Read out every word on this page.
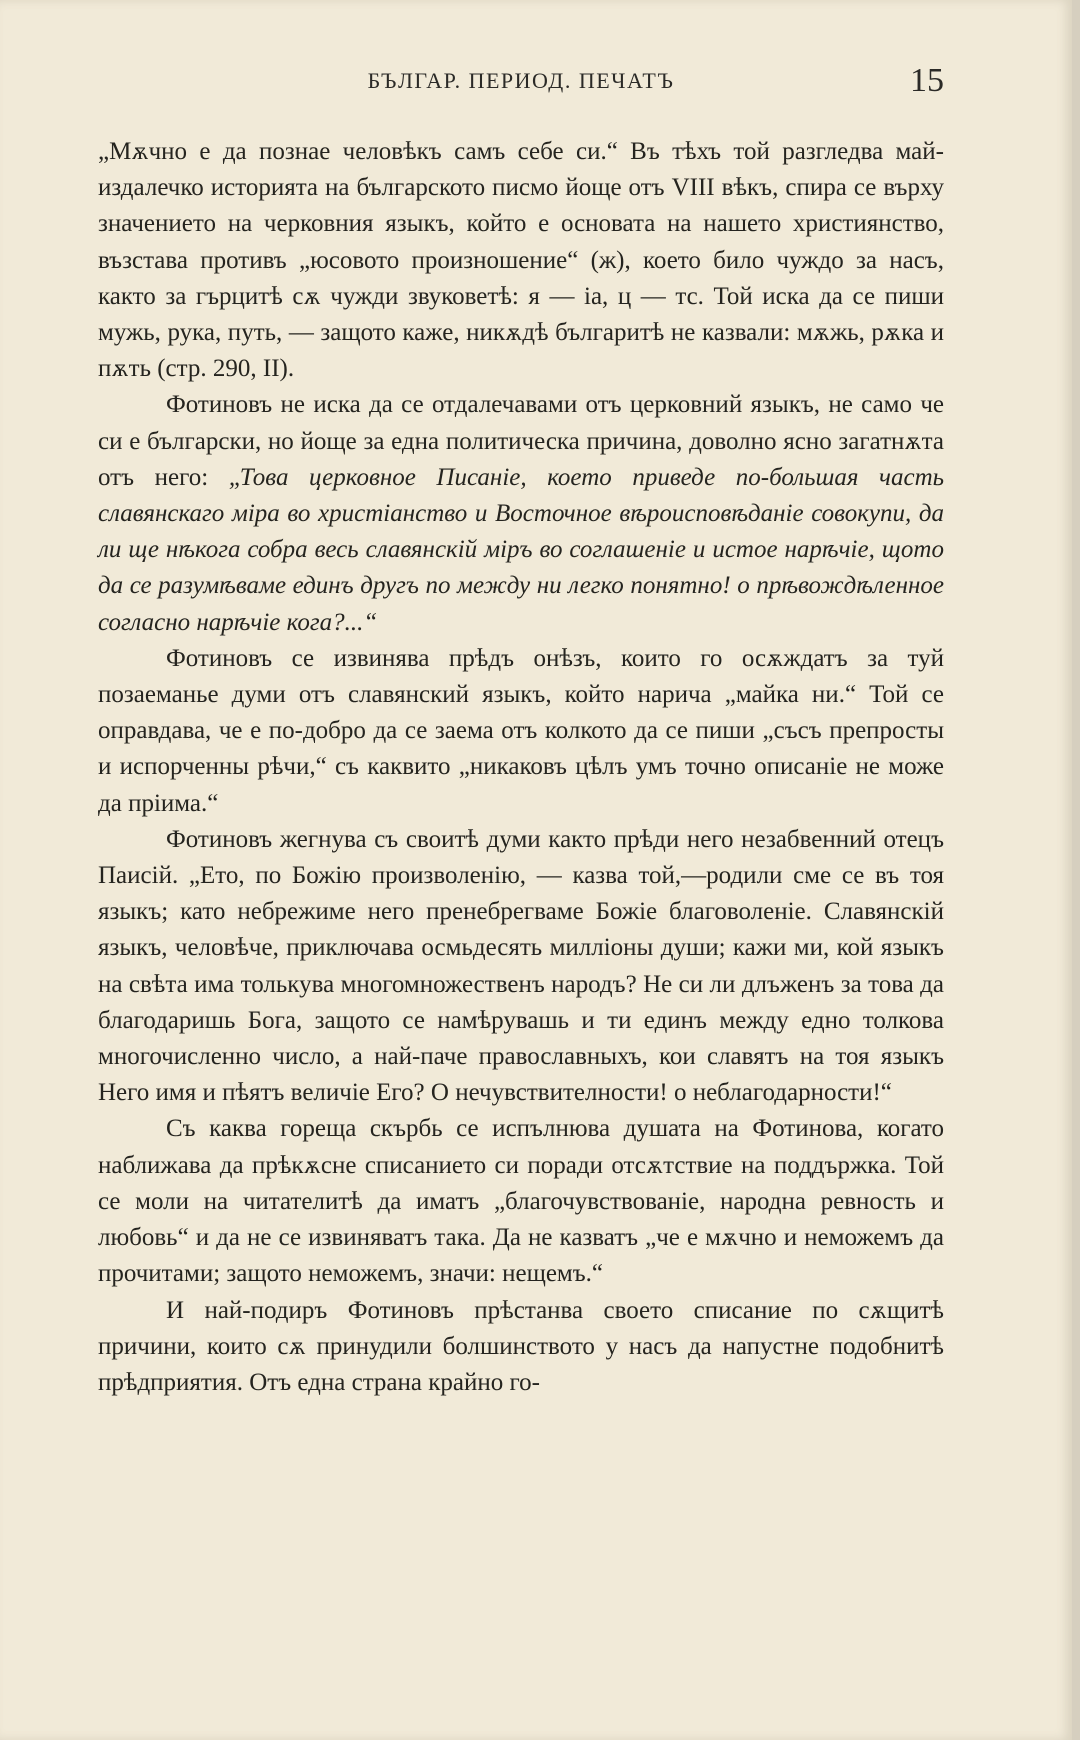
БЪЛГАР. ПЕРИОД. ПЕЧАТЪ	15

„Мѫчно е да познае человѣкъ самъ себе си.“ Въ тѣхъ той разгледва май-издалечко историята на българското писмо йоще отъ VIII вѣкъ, спира се върху значението на черковния языкъ, който е основата на нашето християнство, възстава противъ „юсовото произношение“ (ж), което било чуждо за насъ, както за гърцитѣ сѫ чужди звуковетѣ: я — іа, ц — тс. Той иска да се пиши мужь, рука, путь, — защото каже, никѫдѣ българитѣ не казвали: мѫжь, рѫка и пѫть (стр. 290, II).

Фотиновъ не иска да се отдалечавами отъ церковний языкъ, не само че си е български, но йоще за една политическа причина, доволно ясно загатнѫта отъ него: „Това церковное Писаніе, което приведе по-большая часть славянскаго міра во христіанство и Восточное вѣроисповѣданіе совокупи, да ли ще нѣкога собра весь славянскій міръ во соглашеніе и истое нарѣчіе, щото да се разумѣваме единъ другъ по между ни легко понятно! о прѣвождѣленное согласно нарѣчіе кога?...“

Фотиновъ се извинява прѣдъ онѣзъ, които го осѫждатъ за туй позаеманье думи отъ славянский языкъ, който нарича „майка ни.“ Той се оправдава, че е по-добро да се заема отъ колкото да се пиши „съсъ препросты и испорченны рѣчи,“ съ каквито „никаковъ цѣлъ умъ точно описаніе не може да пріима.“

Фотиновъ жегнува съ своитѣ думи както прѣди него незабвенний отецъ Паисій. „Ето, по Божію произволенію, — казва той,—родили сме се въ тоя языкъ; като небрежиме него пренебрегваме Божіе благоволеніе. Славянскій языкъ, человѣче, приключава осмьдесять милліоны души; кажи ми, кой языкъ на свѣта има толькува многомножественъ народъ? Не си ли длъженъ за това да благодаришь Бога, защото се намѣрувашь и ти единъ между едно толкова многочисленно число, а най-паче православныхъ, кои славятъ на тоя языкъ Него имя и пѣятъ величіе Его? О нечувствителности! о неблагодарности!“

Съ каква гореща скърбь се испълнюва душата на Фотинова, когато наближава да прѣкѫсне списанието си поради отсѫтствие на поддържка. Той се моли на читателитѣ да иматъ „благочувствованіе, народна ревность и любовь“ и да не се извиняватъ така. Да не казватъ „че е мѫчно и неможемъ да прочитами; защото неможемъ, значи: нещемъ.“

И най-подиръ Фотиновъ прѣстанва своето списание по сѫщитѣ причини, които сѫ принудили болшинството у насъ да напустне подобнитѣ прѣдприятия. Отъ една страна крайно го-
